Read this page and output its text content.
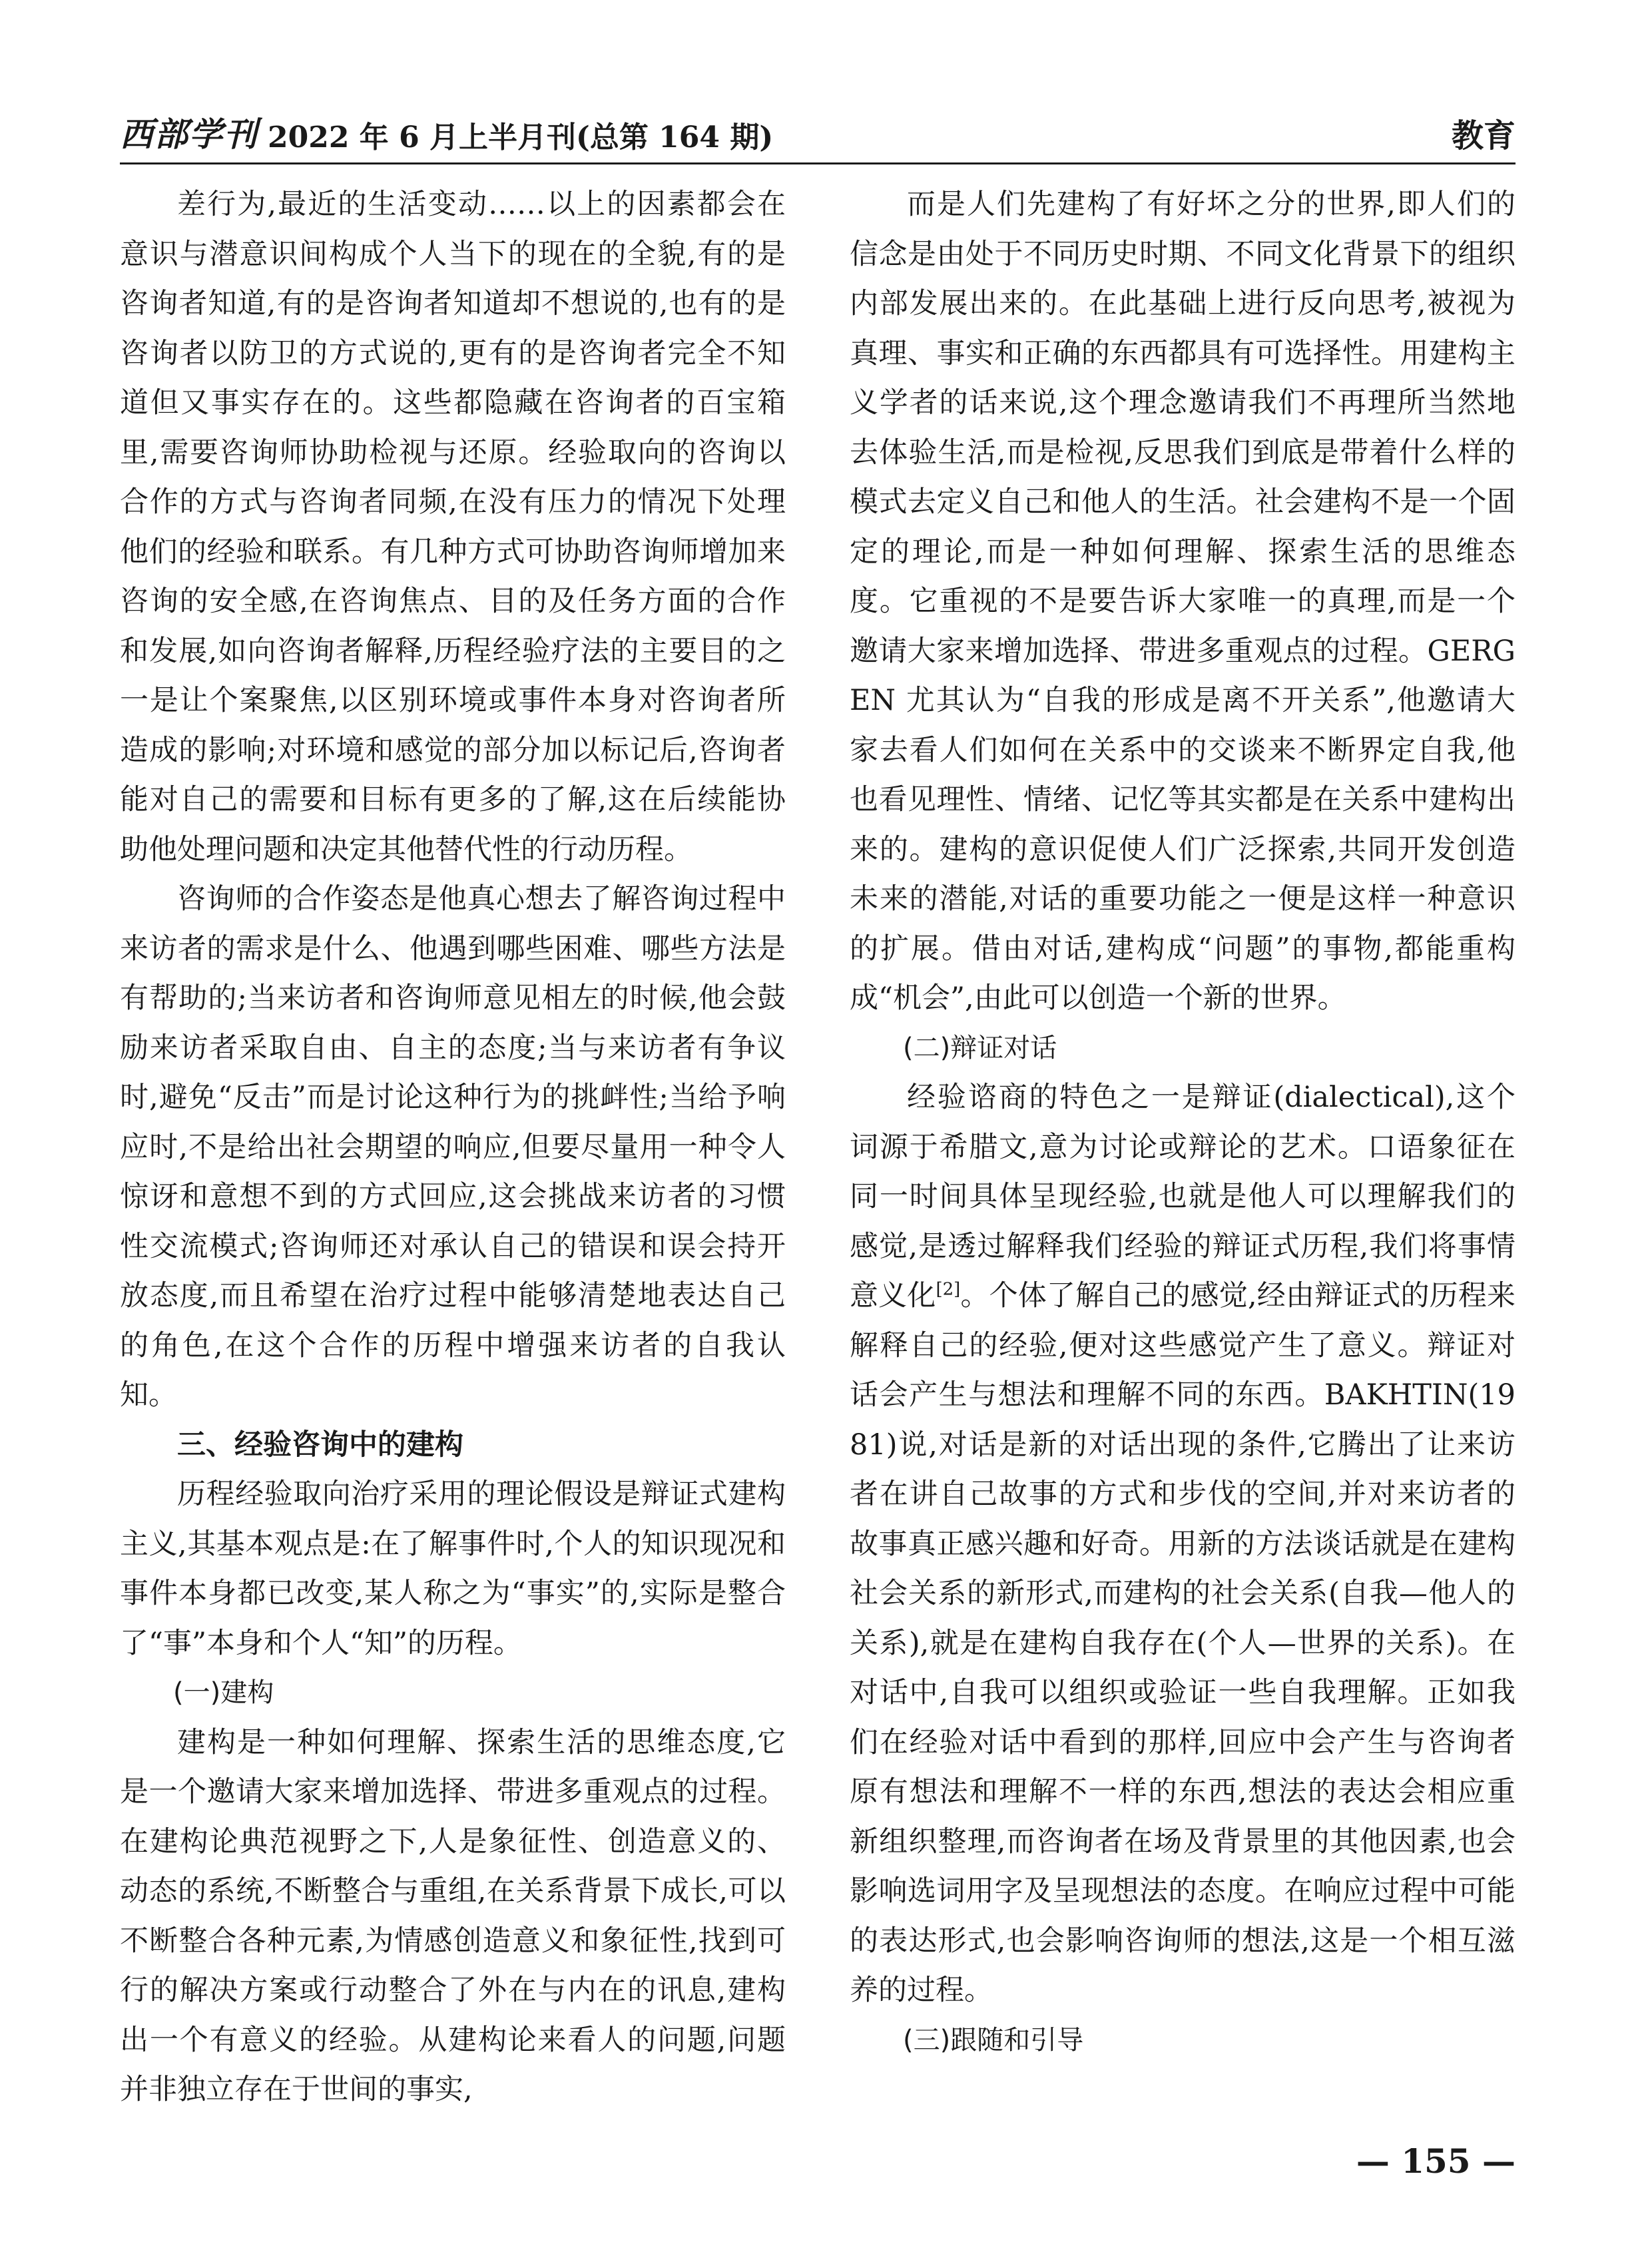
西部学刊 2022 年 6 月上半月刊(总第 164 期)	教育

差行为,最近的生活变动……以上的因素都会在意识与潜意识间构成个人当下的现在的全貌,有的是咨询者知道,有的是咨询者知道却不想说的,也有的是咨询者以防卫的方式说的,更有的是咨询者完全不知道但又事实存在的。这些都隐藏在咨询者的百宝箱里,需要咨询师协助检视与还原。经验取向的咨询以合作的方式与咨询者同频,在没有压力的情况下处理他们的经验和联系。有几种方式可协助咨询师增加来咨询的安全感,在咨询焦点、目的及任务方面的合作和发展,如向咨询者解释,历程经验疗法的主要目的之一是让个案聚焦,以区别环境或事件本身对咨询者所造成的影响;对环境和感觉的部分加以标记后,咨询者能对自己的需要和目标有更多的了解,这在后续能协助他处理问题和决定其他替代性的行动历程。

咨询师的合作姿态是他真心想去了解咨询过程中来访者的需求是什么、他遇到哪些困难、哪些方法是有帮助的;当来访者和咨询师意见相左的时候,他会鼓励来访者采取自由、自主的态度;当与来访者有争议时,避免“反击”而是讨论这种行为的挑衅性;当给予响应时,不是给出社会期望的响应,但要尽量用一种令人惊讶和意想不到的方式回应,这会挑战来访者的习惯性交流模式;咨询师还对承认自己的错误和误会持开放态度,而且希望在治疗过程中能够清楚地表达自己的角色,在这个合作的历程中增强来访者的自我认知。

三、经验咨询中的建构

历程经验取向治疗采用的理论假设是辩证式建构主义,其基本观点是:在了解事件时,个人的知识现况和事件本身都已改变,某人称之为“事实”的,实际是整合了“事”本身和个人“知”的历程。

(一)建构

建构是一种如何理解、探索生活的思维态度,它是一个邀请大家来增加选择、带进多重观点的过程。在建构论典范视野之下,人是象征性、创造意义的、动态的系统,不断整合与重组,在关系背景下成长,可以不断整合各种元素,为情感创造意义和象征性,找到可行的解决方案或行动整合了外在与内在的讯息,建构出一个有意义的经验。从建构论来看人的问题,问题并非独立存在于世间的事实,

而是人们先建构了有好坏之分的世界,即人们的信念是由处于不同历史时期、不同文化背景下的组织内部发展出来的。在此基础上进行反向思考,被视为真理、事实和正确的东西都具有可选择性。用建构主义学者的话来说,这个理念邀请我们不再理所当然地去体验生活,而是检视,反思我们到底是带着什么样的模式去定义自己和他人的生活。社会建构不是一个固定的理论,而是一种如何理解、探索生活的思维态度。它重视的不是要告诉大家唯一的真理,而是一个邀请大家来增加选择、带进多重观点的过程。GERGEN 尤其认为“自我的形成是离不开关系”,他邀请大家去看人们如何在关系中的交谈来不断界定自我,他也看见理性、情绪、记忆等其实都是在关系中建构出来的。建构的意识促使人们广泛探索,共同开发创造未来的潜能,对话的重要功能之一便是这样一种意识的扩展。借由对话,建构成“问题”的事物,都能重构成“机会”,由此可以创造一个新的世界。

(二)辩证对话

经验谘商的特色之一是辩证(dialectical),这个词源于希腊文,意为讨论或辩论的艺术。口语象征在同一时间具体呈现经验,也就是他人可以理解我们的感觉,是透过解释我们经验的辩证式历程,我们将事情意义化[2]。个体了解自己的感觉,经由辩证式的历程来解释自己的经验,便对这些感觉产生了意义。辩证对话会产生与想法和理解不同的东西。BAKHTIN(1981)说,对话是新的对话出现的条件,它腾出了让来访者在讲自己故事的方式和步伐的空间,并对来访者的故事真正感兴趣和好奇。用新的方法谈话就是在建构社会关系的新形式,而建构的社会关系(自我—他人的关系),就是在建构自我存在(个人—世界的关系)。在对话中,自我可以组织或验证一些自我理解。正如我们在经验对话中看到的那样,回应中会产生与咨询者原有想法和理解不一样的东西,想法的表达会相应重新组织整理,而咨询者在场及背景里的其他因素,也会影响选词用字及呈现想法的态度。在响应过程中可能的表达形式,也会影响咨询师的想法,这是一个相互滋养的过程。

(三)跟随和引导

— 155 —
